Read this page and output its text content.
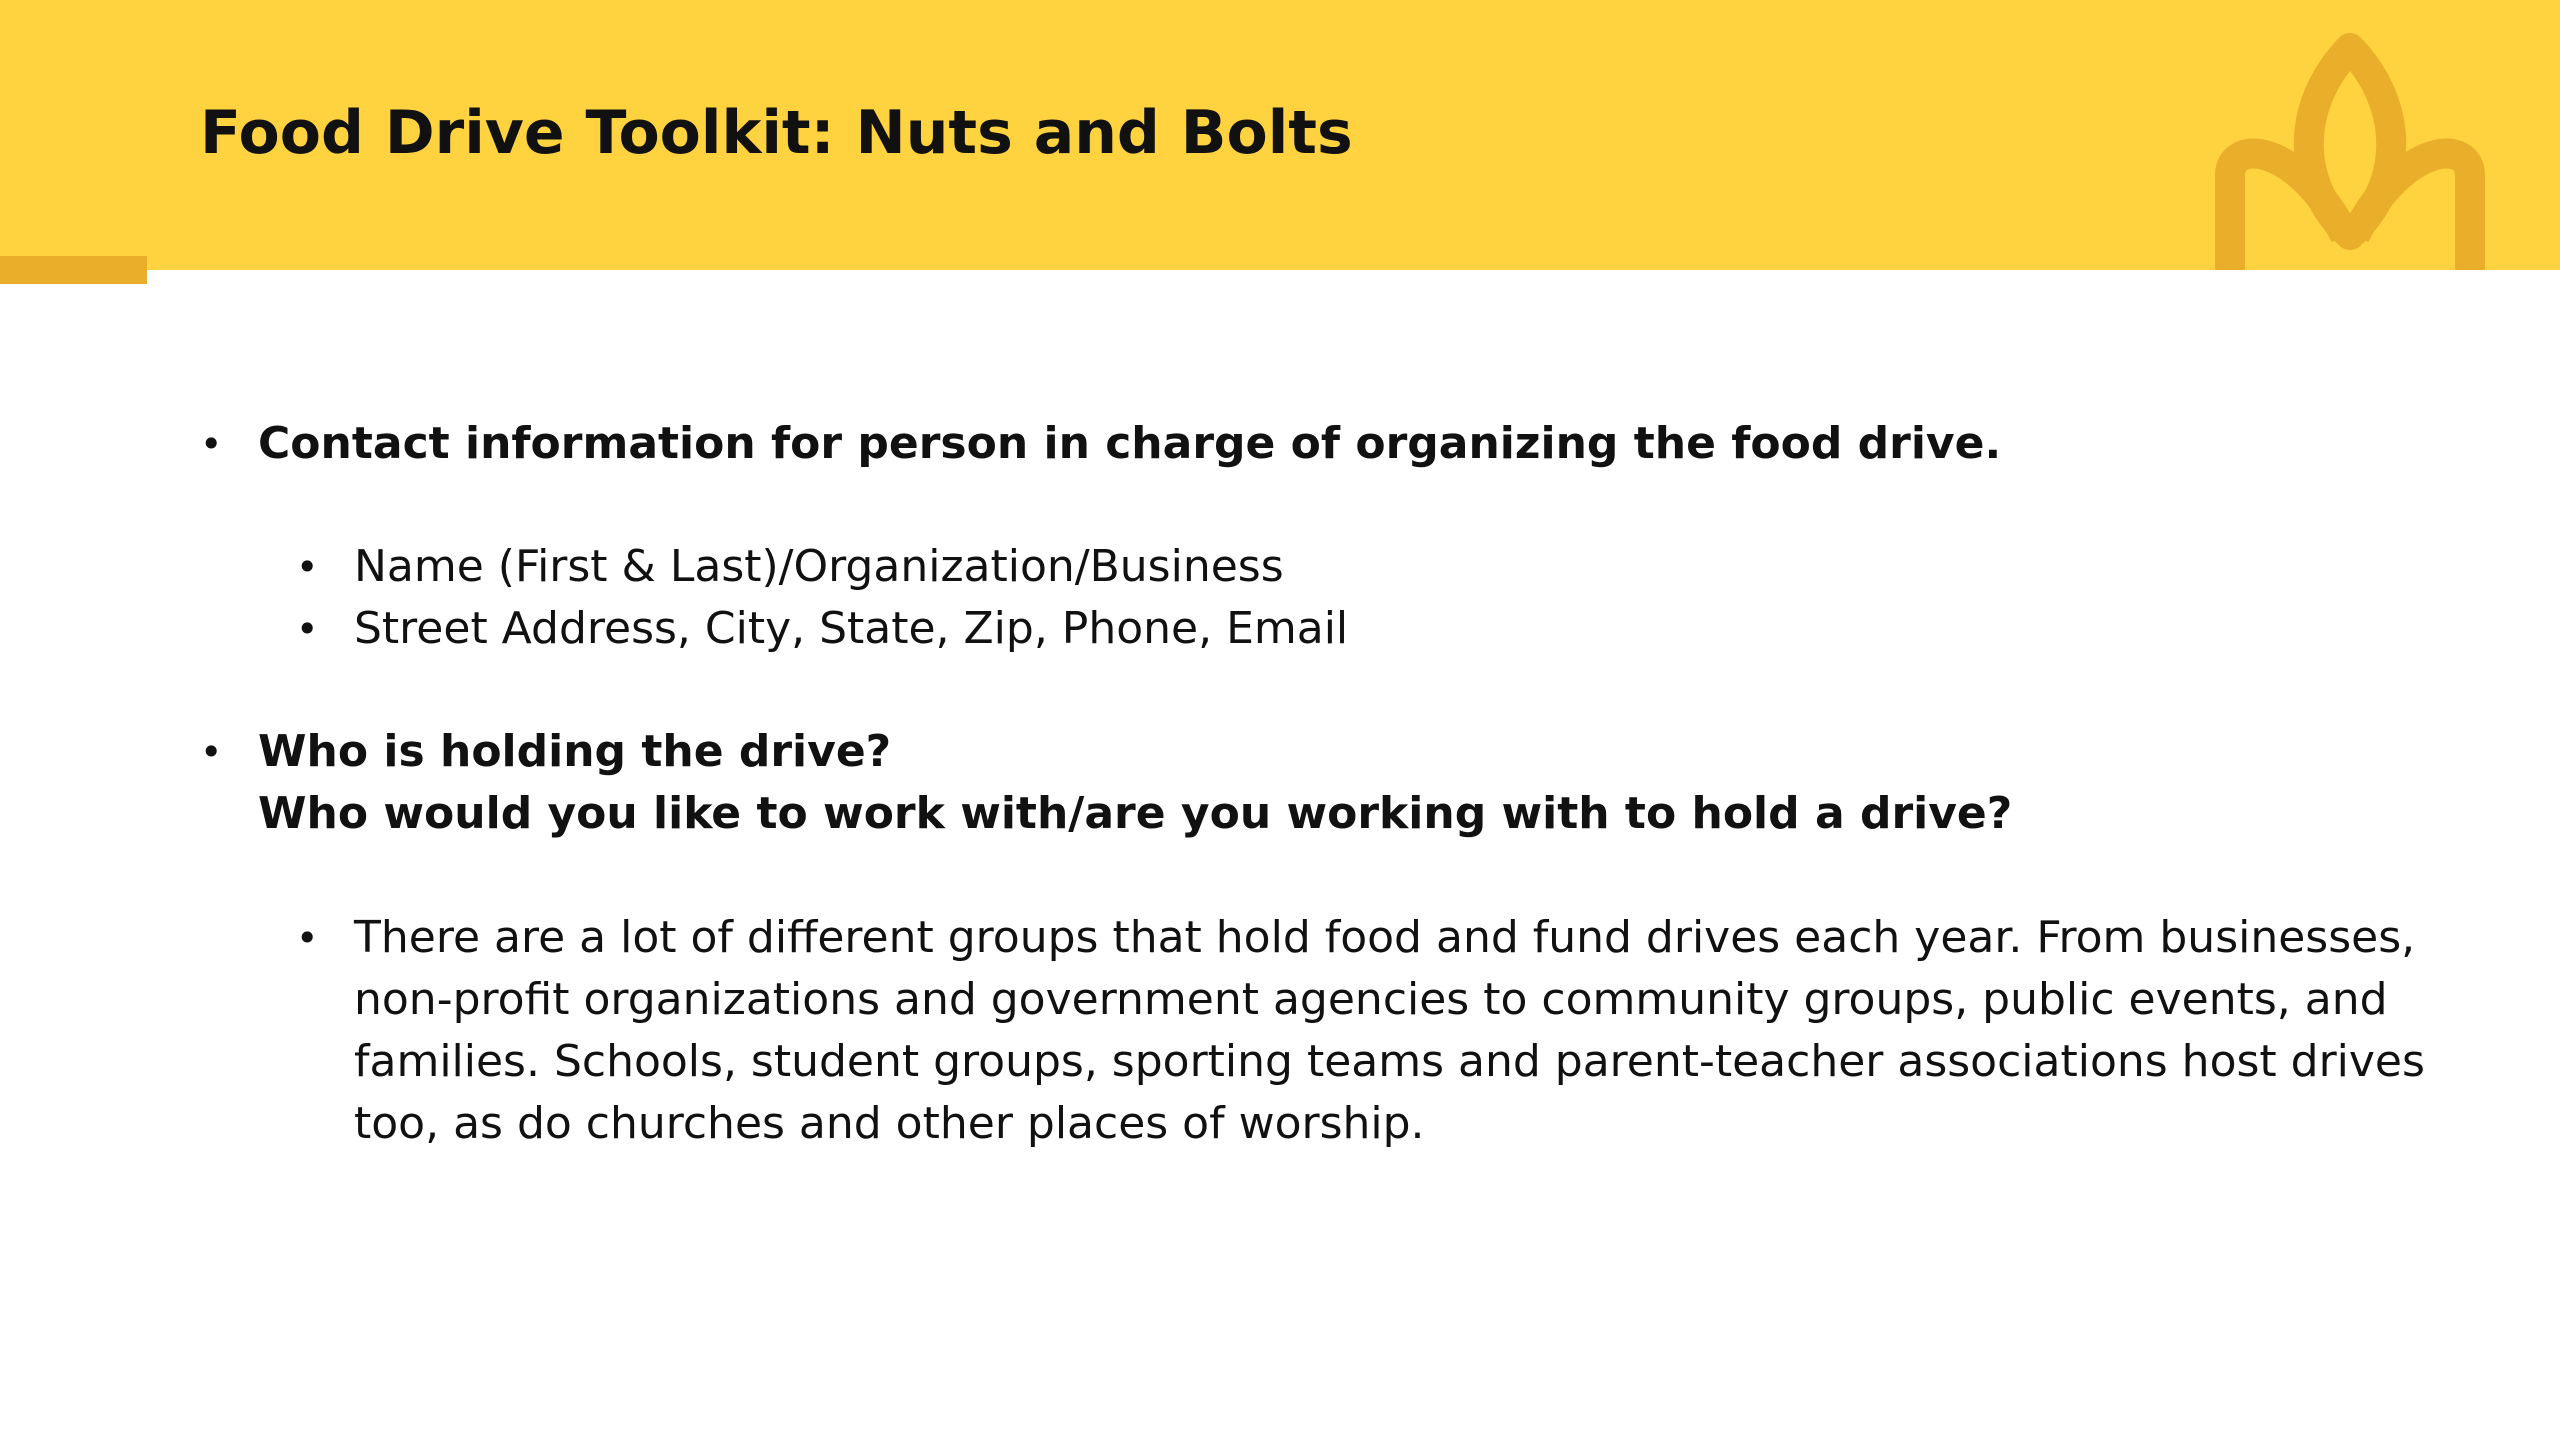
Food Drive Toolkit: Nuts and Bolts
• Contact information for person in charge of organizing the food drive.
• Name (First & Last)/Organization/Business
• Street Address, City, State, Zip, Phone, Email
• Who is holding the drive?
Who would you like to work with/are you working with to hold a drive?
• There are a lot of different groups that hold food and fund drives each year. From businesses, non-profit organizations and government agencies to community groups, public events, and families. Schools, student groups, sporting teams and parent-teacher associations host drives too, as do churches and other places of worship.
